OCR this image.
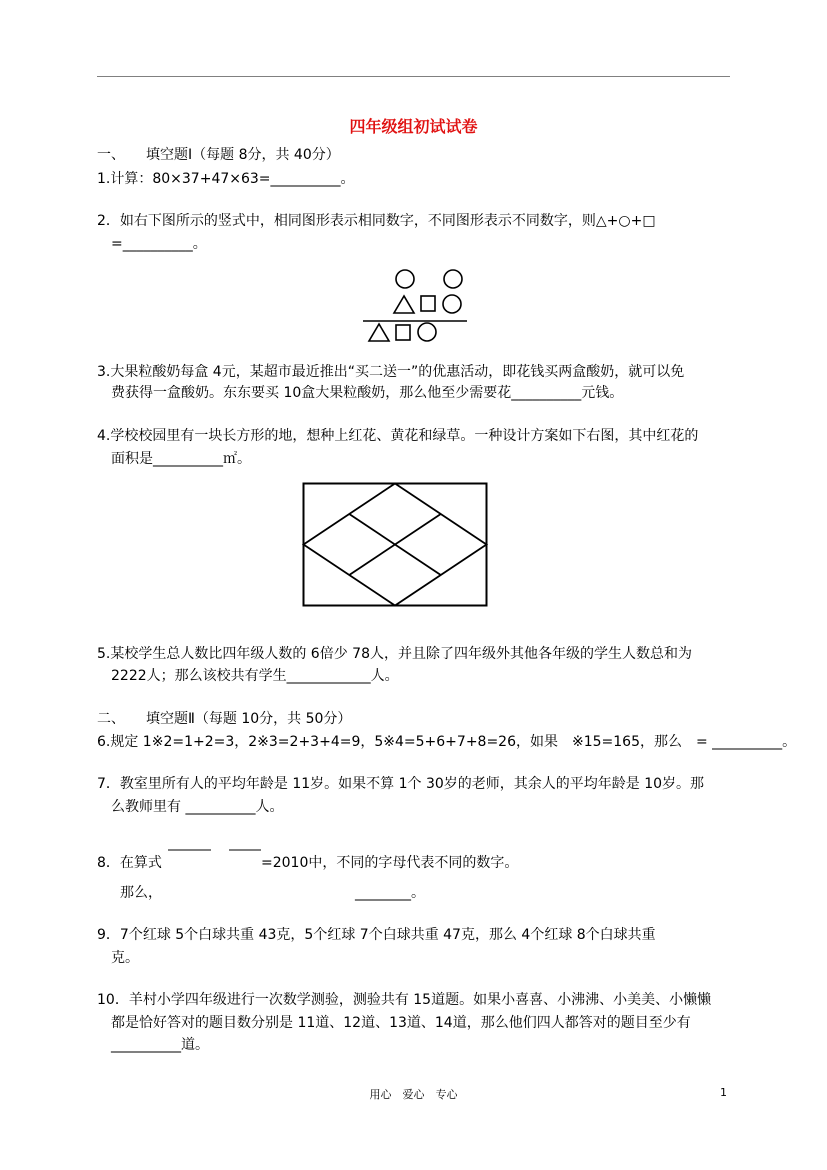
四年级组初试试卷
一、　　填空题Ⅰ（每题 8分，共 40分）
1.计算：80×37+47×63=__________。
2．如右下图所示的竖式中，相同图形表示相同数字，不同图形表示不同数字，则△+○+□
=__________。
3.大果粒酸奶每盒 4元，某超市最近推出“买二送一”的优惠活动，即花钱买两盒酸奶，就可以免
费获得一盒酸奶。东东要买 10盒大果粒酸奶，那么他至少需要花__________元钱。
4.学校校园里有一块长方形的地，想种上红花、黄花和绿草。一种设计方案如下右图，其中红花的
面积是__________㎡。
5.某校学生总人数比四年级人数的 6倍少 78人，并且除了四年级外其他各年级的学生人数总和为
2222人；那么该校共有学生____________人。
二、　　填空题Ⅱ（每题 10分，共 50分）
6.规定 1※2=1+2=3，2※3=2+3+4=9，5※4=5+6+7+8=26，如果　※15=165，那么　= __________。
7．教室里所有人的平均年龄是 11岁。如果不算 1个 30岁的老师，其余人的平均年龄是 10岁。那
么教师里有 __________人。
8．在算式	=2010中，不同的字母代表不同的数字。
那么，	________。
9．7个红球 5个白球共重 43克，5个红球 7个白球共重 47克，那么 4个红球 8个白球共重
克。
10．羊村小学四年级进行一次数学测验，测验共有 15道题。如果小喜喜、小沸沸、小美美、小懒懒
都是恰好答对的题目数分别是 11道、12道、13道、14道，那么他们四人都答对的题目至少有
__________道。
用心　爱心　专心	1
